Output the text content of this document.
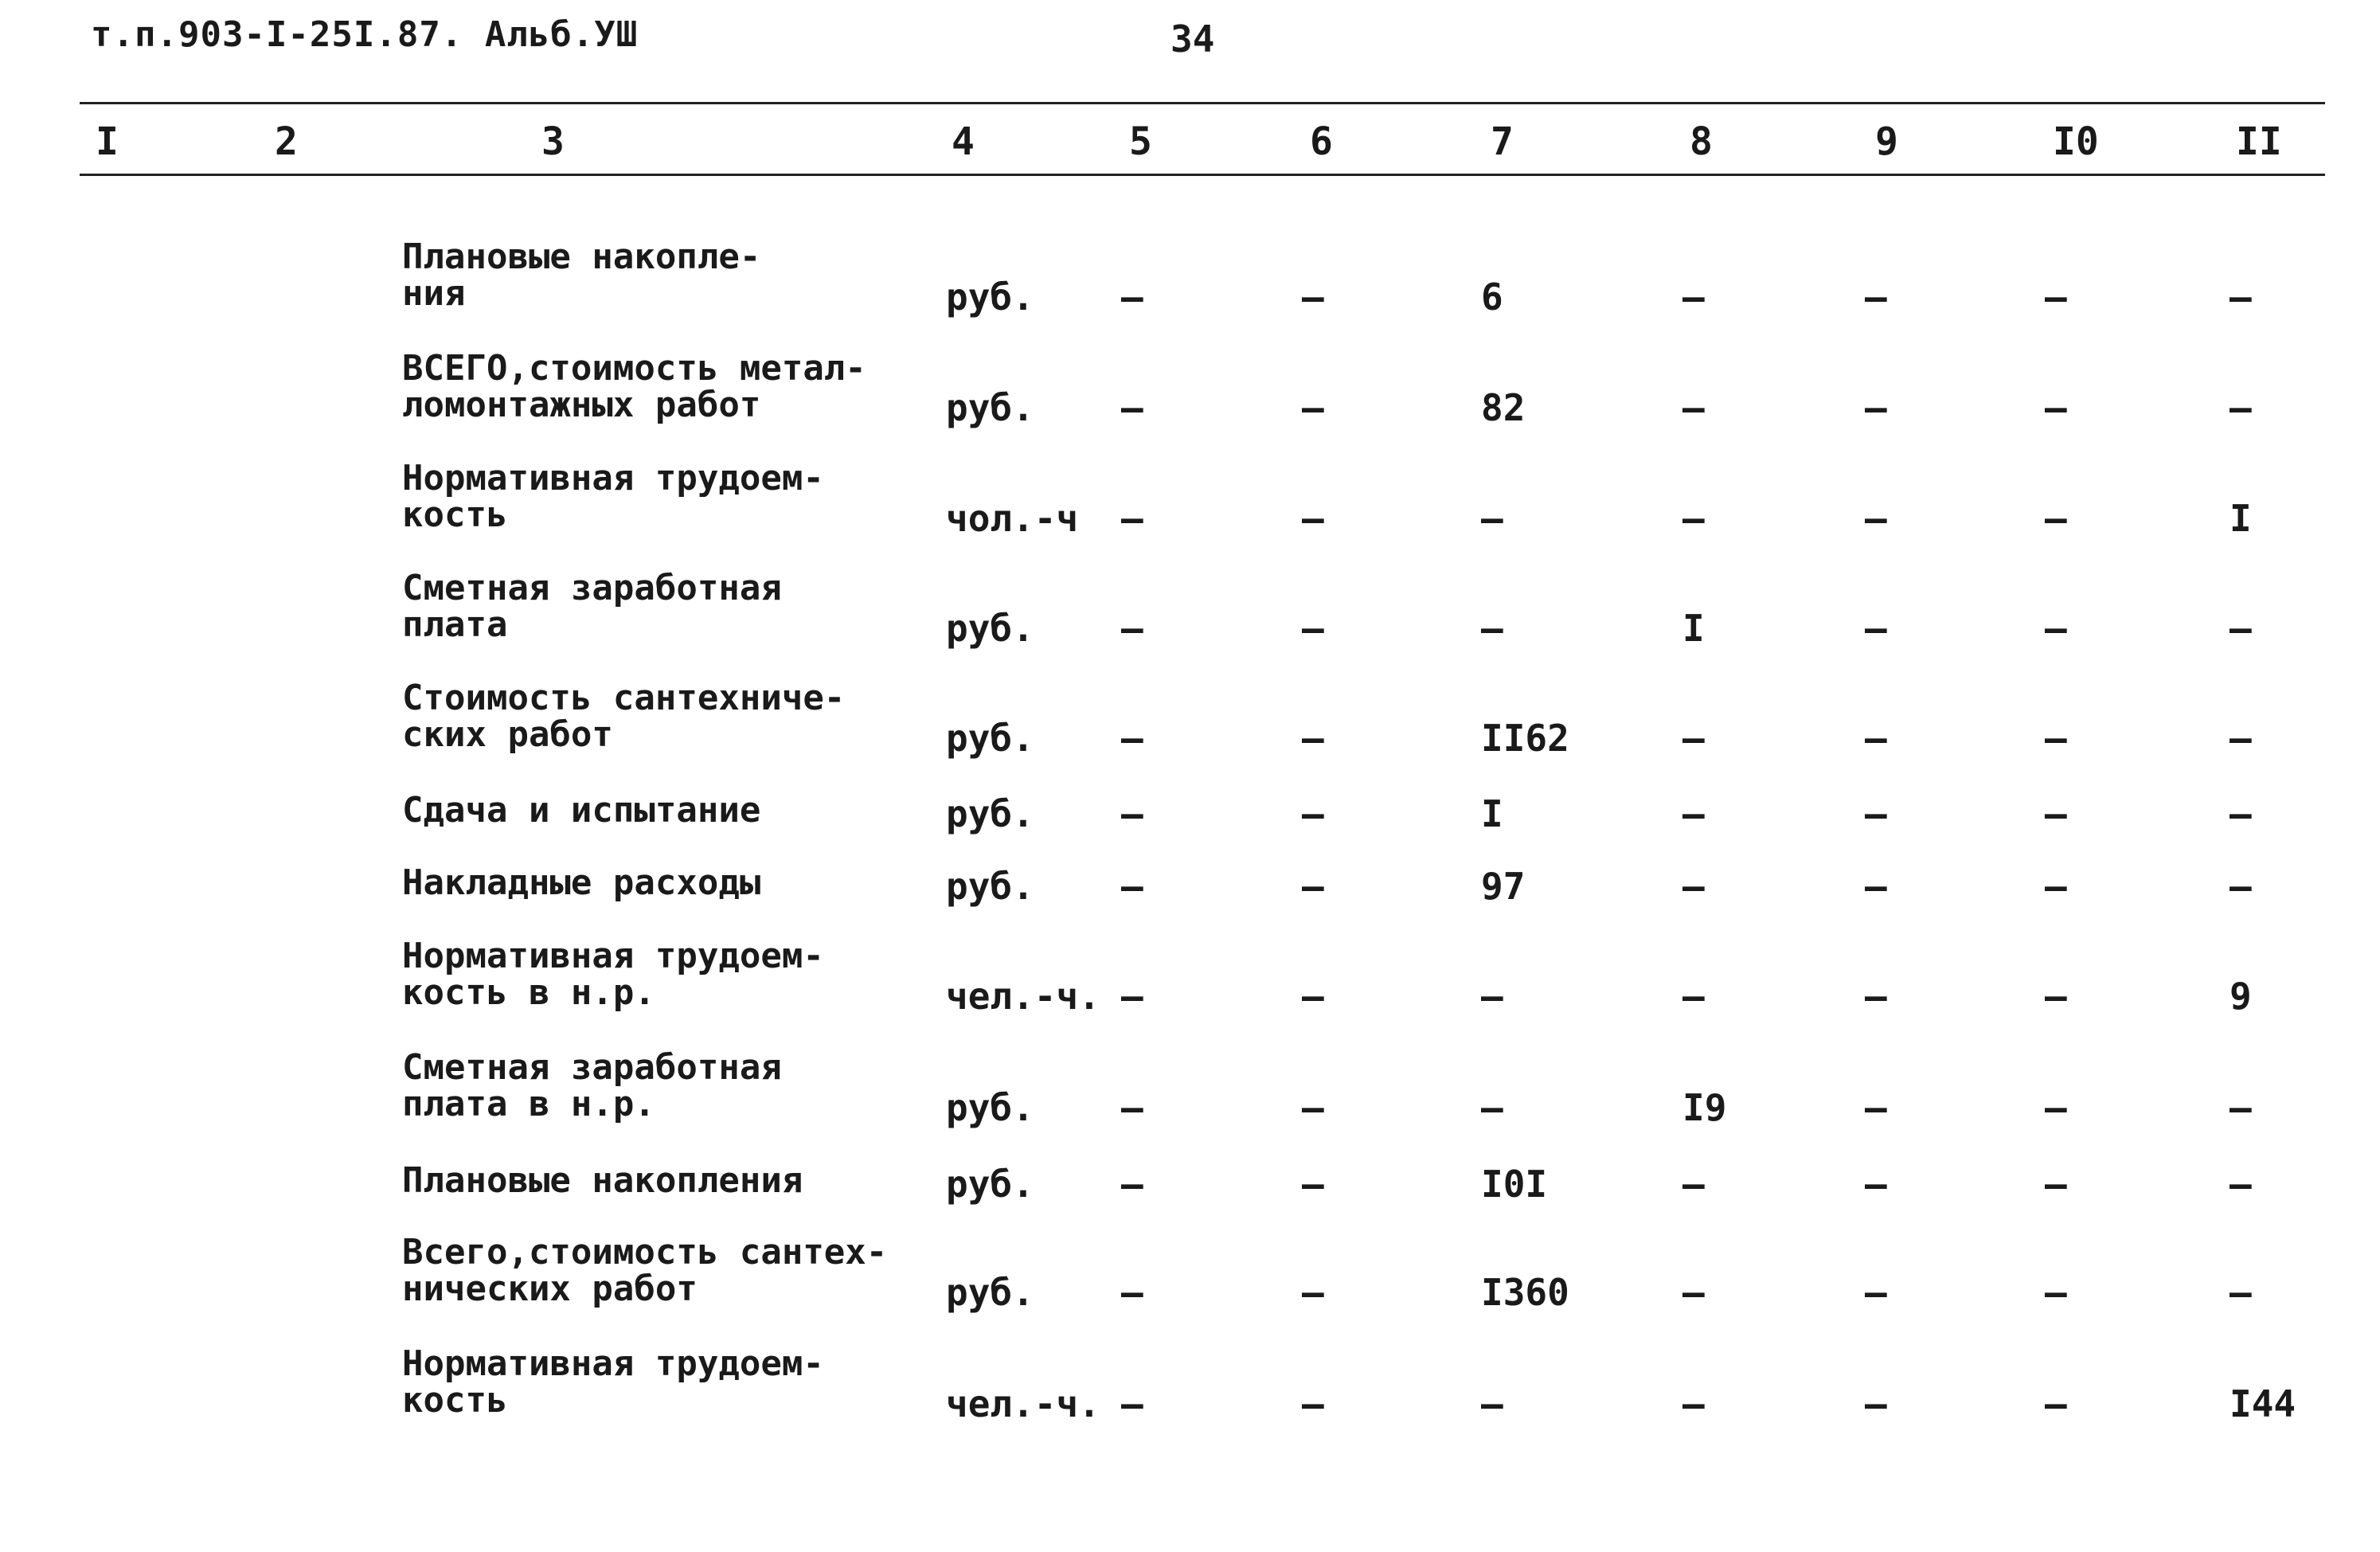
т.п.903-I-25I.87. Альб.УШ	34
I	2	3	4	5	6	7	8	9	I0	II
Плановые накопле-
ния	руб. –	–	6	–	–	–	–
ВСЕГО,стоимость метал-
ломонтажных работ	руб. –	–	82	–	–	–	–
Нормативная трудоем-
кость	чол.-ч –	–	–	–	–	–	I
Сметная заработная
плата	руб. –	–	–	I	–	–	–
Стоимость сантехниче-
ских работ	руб. –	–	II62	–	–	–	–
Сдача и испытание	руб. –	–	I	–	–	–	–
Накладные расходы	руб. –	–	97	–	–	–	–
Нормативная трудоем-
кость в н.р.	чел.-ч. –	–	–	–	–	–	9
Сметная заработная
плата в н.р.	руб. –	–	–	I9	–	–	–
Плановые накопления	руб. –	–	I0I	–	–	–	–
Всего,стоимость сантех-
нических работ	руб. –	–	I360	–	–	–	–
Нормативная трудоем-
кость	чел.-ч. –	–	–	–	–	–	I44
